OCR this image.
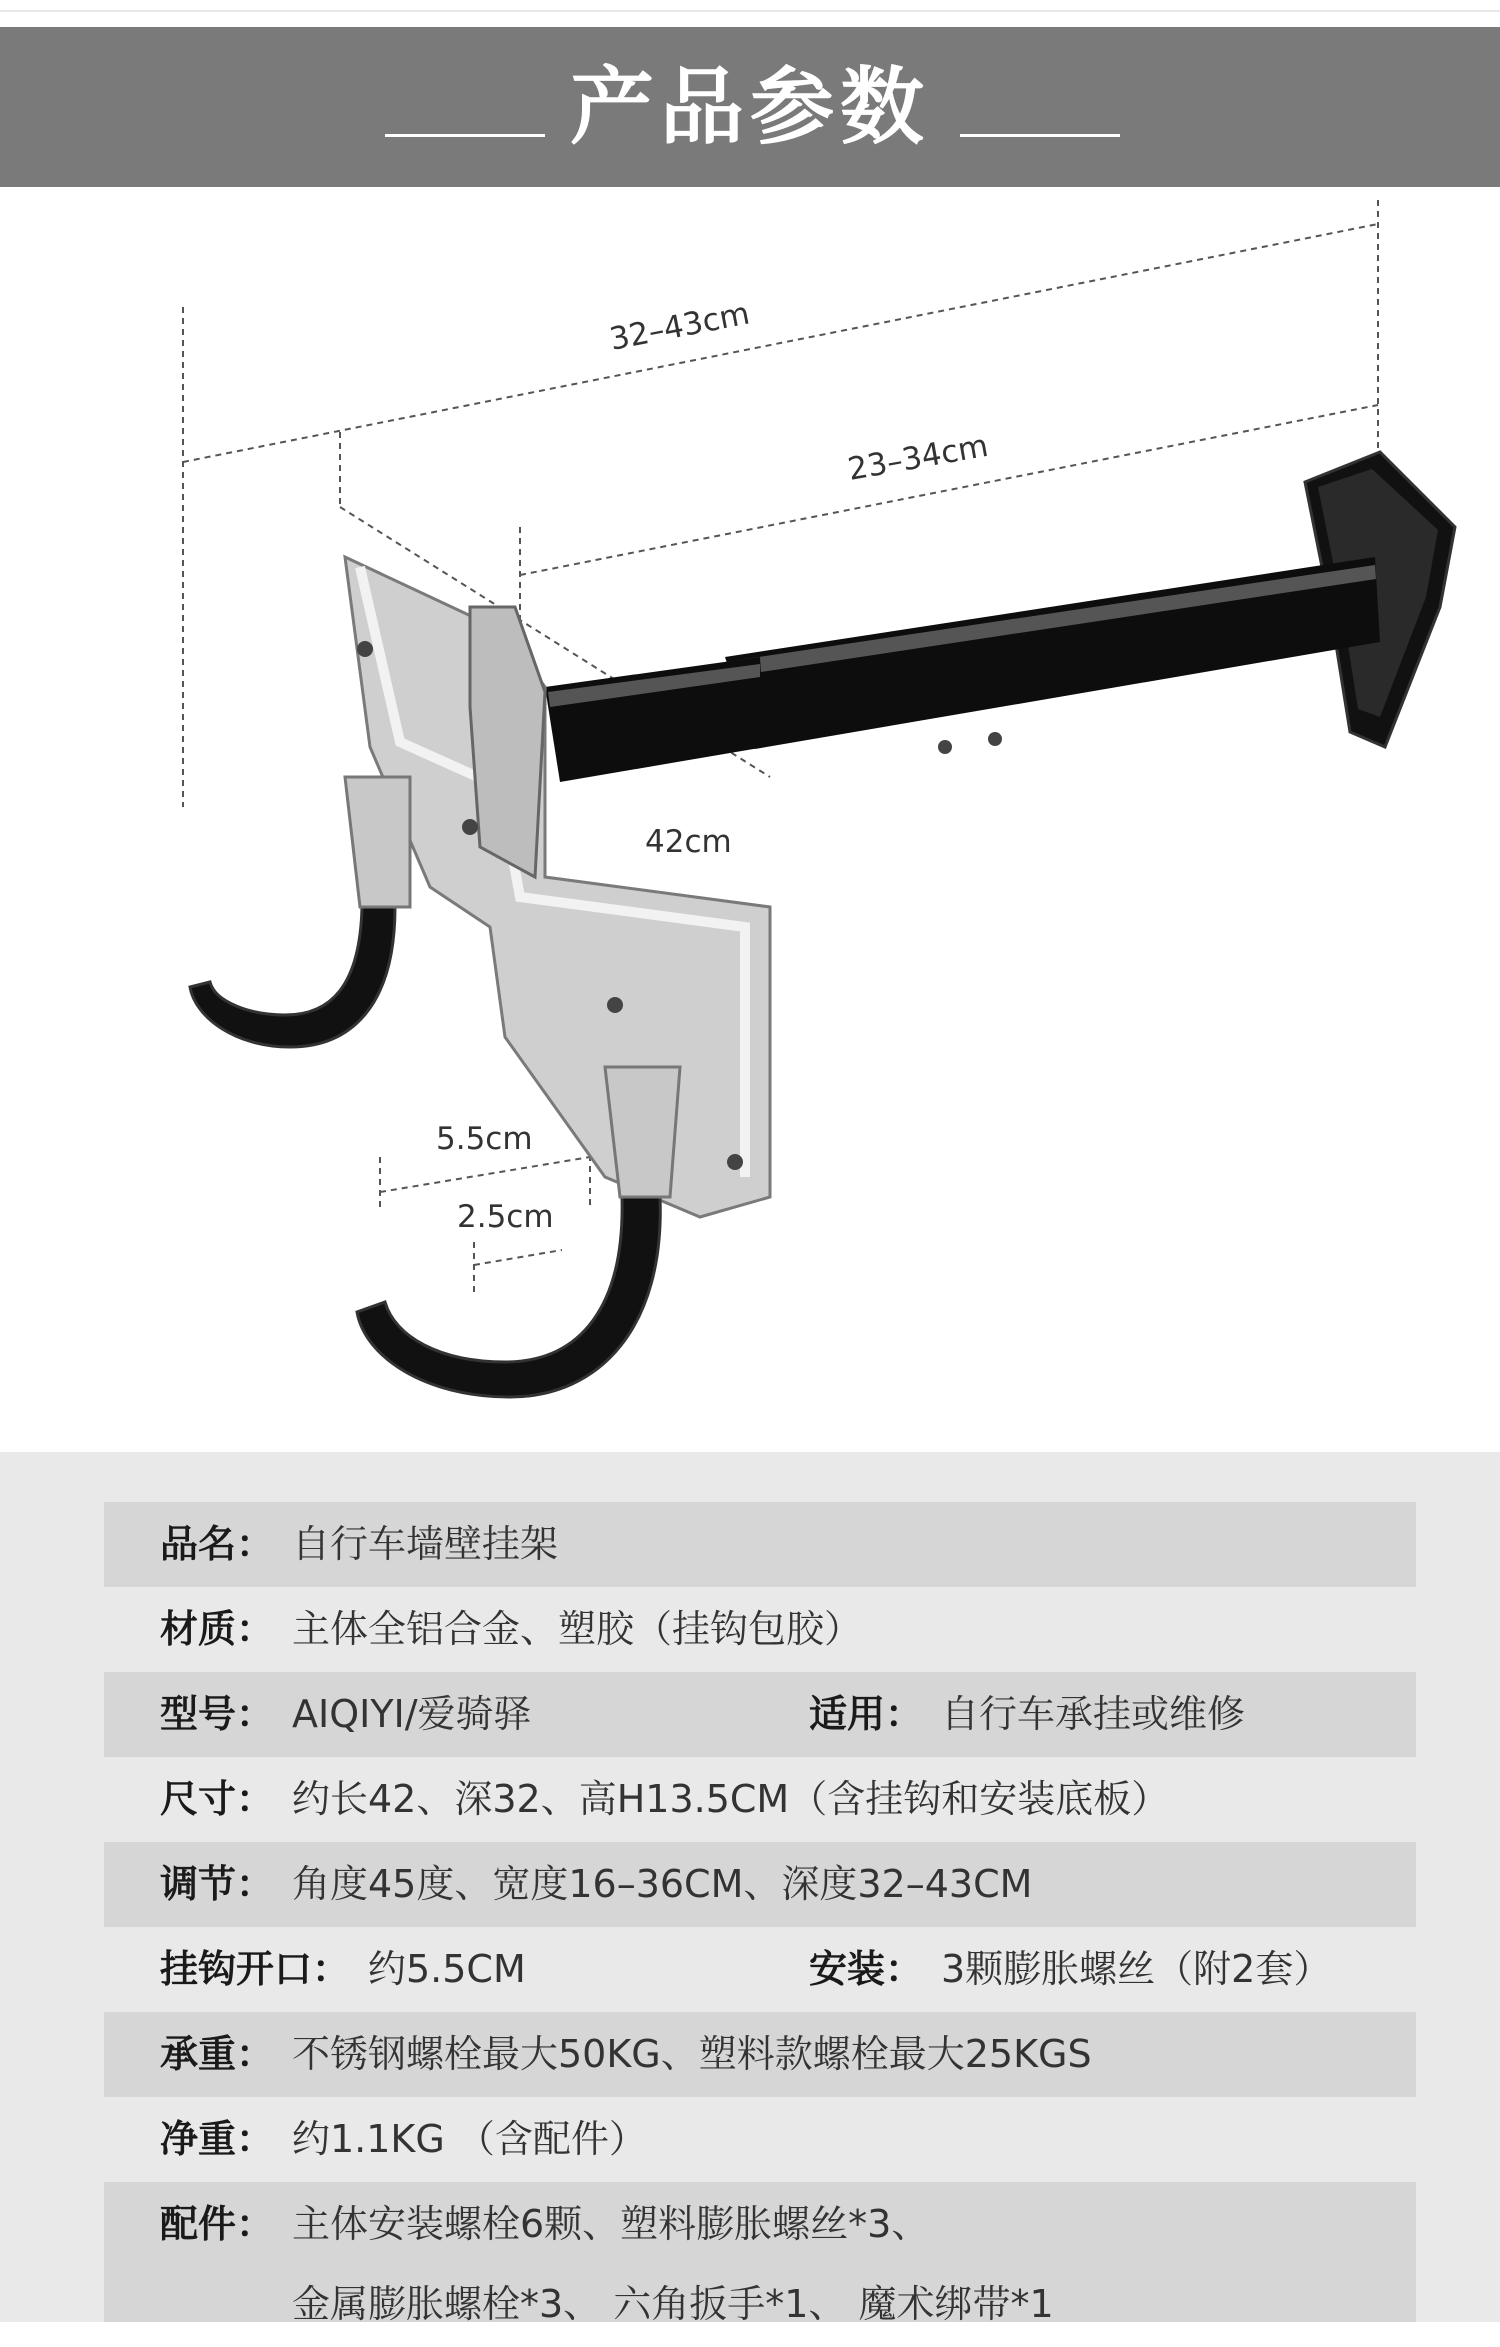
产品参数
32–43cm
23–34cm
42cm
5.5cm
2.5cm
品名： 自行车墙壁挂架
材质： 主体全铝合金、塑胶（挂钩包胶）
型号： AIQIYI/爱骑驿	适用： 自行车承挂或维修
尺寸： 约长42、深32、高H13.5CM（含挂钩和安装底板）
调节： 角度45度、宽度16–36CM、深度32–43CM
挂钩开口： 约5.5CM	安装： 3颗膨胀螺丝（附2套）
承重： 不锈钢螺栓最大50KG、塑料款螺栓最大25KGS
净重： 约1.1KG （含配件）
配件： 主体安装螺栓6颗、塑料膨胀螺丝*3、
金属膨胀螺栓*3、 六角扳手*1、 魔术绑带*1
